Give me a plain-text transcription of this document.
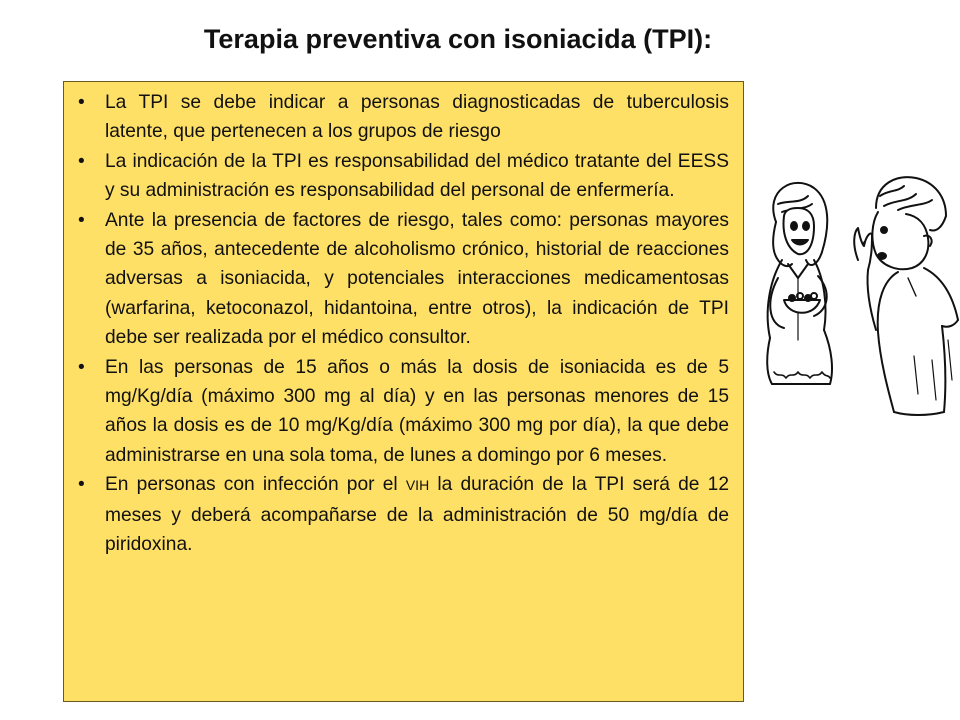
Terapia preventiva con isoniacida (TPI):
• La TPI se debe indicar a personas diagnosticadas de tuberculosis latente, que pertenecen a los grupos de riesgo
• La indicación de la TPI es responsabilidad del médico tratante del EESS y su administración es responsabilidad del personal de enfermería.
• Ante la presencia de factores de riesgo, tales como: personas mayores de 35 años, antecedente de alcoholismo crónico, historial de reacciones adversas a isoniacida, y potenciales interacciones medicamentosas (warfarina, ketoconazol, hidantoina, entre otros), la indicación de TPI debe ser realizada por el médico consultor.
• En las personas de 15 años o más la dosis de isoniacida es de 5 mg/Kg/día (máximo 300 mg al día) y en las personas menores de 15 años la dosis es de 10 mg/Kg/día (máximo 300 mg por día), la que debe administrarse en una sola toma, de lunes a domingo por 6 meses.
• En personas con infección por el VIH la duración de la TPI será de 12 meses y deberá acompañarse de la administración de 50 mg/día de piridoxina.
